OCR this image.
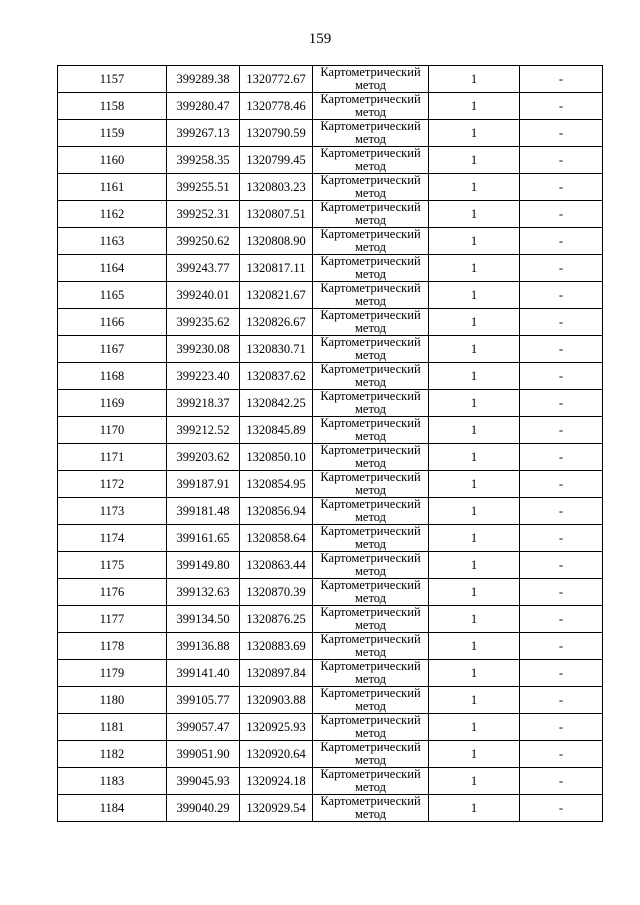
159
1157	399289.38	1320772.67	Картометрический
метод	1	-
1158	399280.47	1320778.46	Картометрический
метод	1	-
1159	399267.13	1320790.59	Картометрический
метод	1	-
1160	399258.35	1320799.45	Картометрический
метод	1	-
1161	399255.51	1320803.23	Картометрический
метод	1	-
1162	399252.31	1320807.51	Картометрический
метод	1	-
1163	399250.62	1320808.90	Картометрический
метод	1	-
1164	399243.77	1320817.11	Картометрический
метод	1	-
1165	399240.01	1320821.67	Картометрический
метод	1	-
1166	399235.62	1320826.67	Картометрический
метод	1	-
1167	399230.08	1320830.71	Картометрический
метод	1	-
1168	399223.40	1320837.62	Картометрический
метод	1	-
1169	399218.37	1320842.25	Картометрический
метод	1	-
1170	399212.52	1320845.89	Картометрический
метод	1	-
1171	399203.62	1320850.10	Картометрический
метод	1	-
1172	399187.91	1320854.95	Картометрический
метод	1	-
1173	399181.48	1320856.94	Картометрический
метод	1	-
1174	399161.65	1320858.64	Картометрический
метод	1	-
1175	399149.80	1320863.44	Картометрический
метод	1	-
1176	399132.63	1320870.39	Картометрический
метод	1	-
1177	399134.50	1320876.25	Картометрический
метод	1	-
1178	399136.88	1320883.69	Картометрический
метод	1	-
1179	399141.40	1320897.84	Картометрический
метод	1	-
1180	399105.77	1320903.88	Картометрический
метод	1	-
1181	399057.47	1320925.93	Картометрический
метод	1	-
1182	399051.90	1320920.64	Картометрический
метод	1	-
1183	399045.93	1320924.18	Картометрический
метод	1	-
1184	399040.29	1320929.54	Картометрический
метод	1	-
